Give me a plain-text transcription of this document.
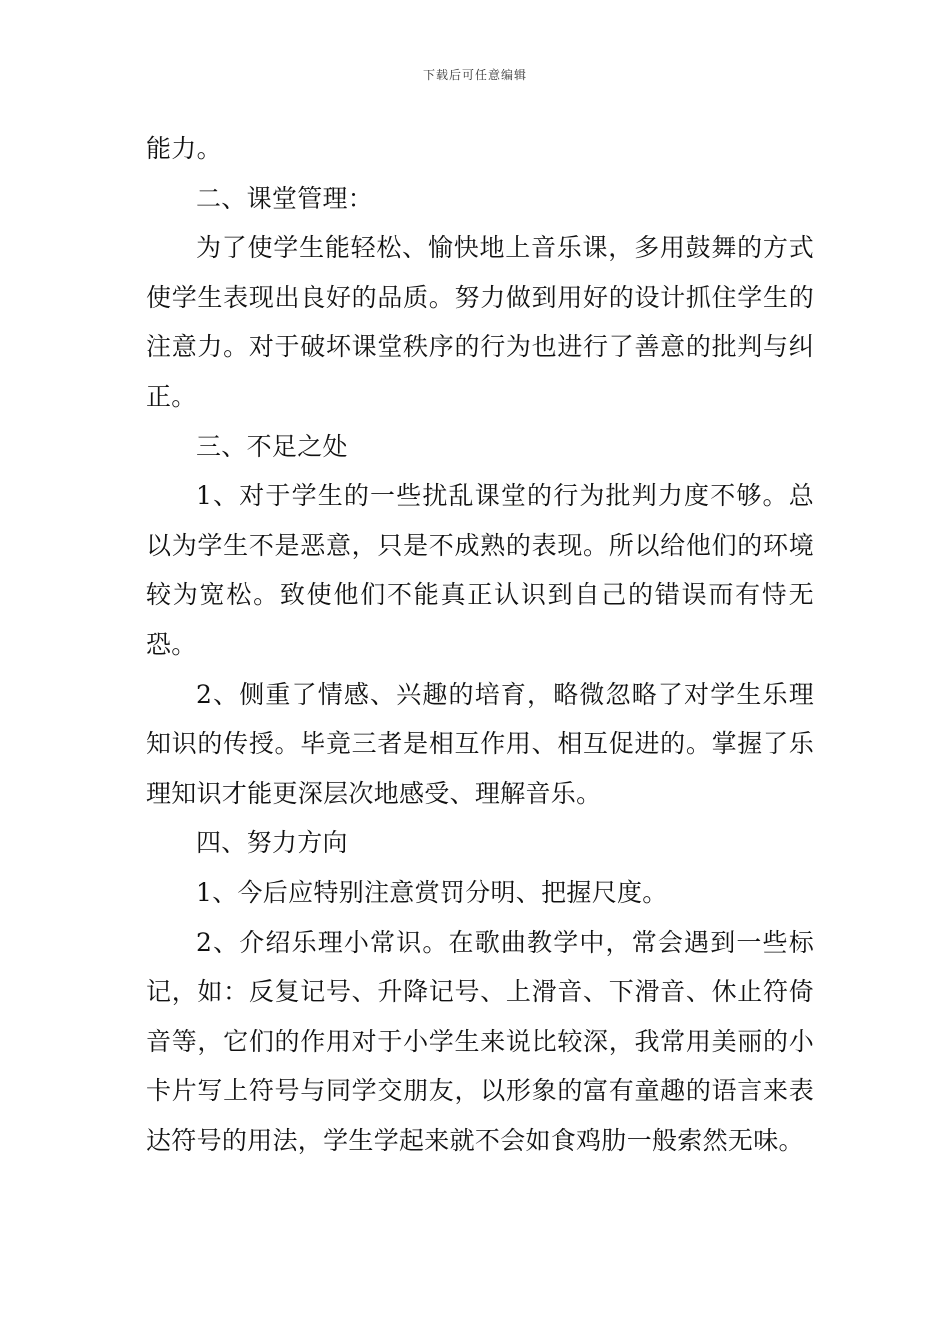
下载后可任意编辑

能力。

二、课堂管理：

为了使学生能轻松、愉快地上音乐课，多用鼓舞的方式使学生表现出良好的品质。努力做到用好的设计抓住学生的注意力。对于破坏课堂秩序的行为也进行了善意的批判与纠正。

三、不足之处

1、对于学生的一些扰乱课堂的行为批判力度不够。总以为学生不是恶意，只是不成熟的表现。所以给他们的环境较为宽松。致使他们不能真正认识到自己的错误而有恃无恐。

2、侧重了情感、兴趣的培育，略微忽略了对学生乐理知识的传授。毕竟三者是相互作用、相互促进的。掌握了乐理知识才能更深层次地感受、理解音乐。

四、努力方向

1、今后应特别注意赏罚分明、把握尺度。

2、介绍乐理小常识。在歌曲教学中，常会遇到一些标记，如：反复记号、升降记号、上滑音、下滑音、休止符倚音等，它们的作用对于小学生来说比较深，我常用美丽的小卡片写上符号与同学交朋友，以形象的富有童趣的语言来表达符号的用法，学生学起来就不会如食鸡肋一般索然无味。
